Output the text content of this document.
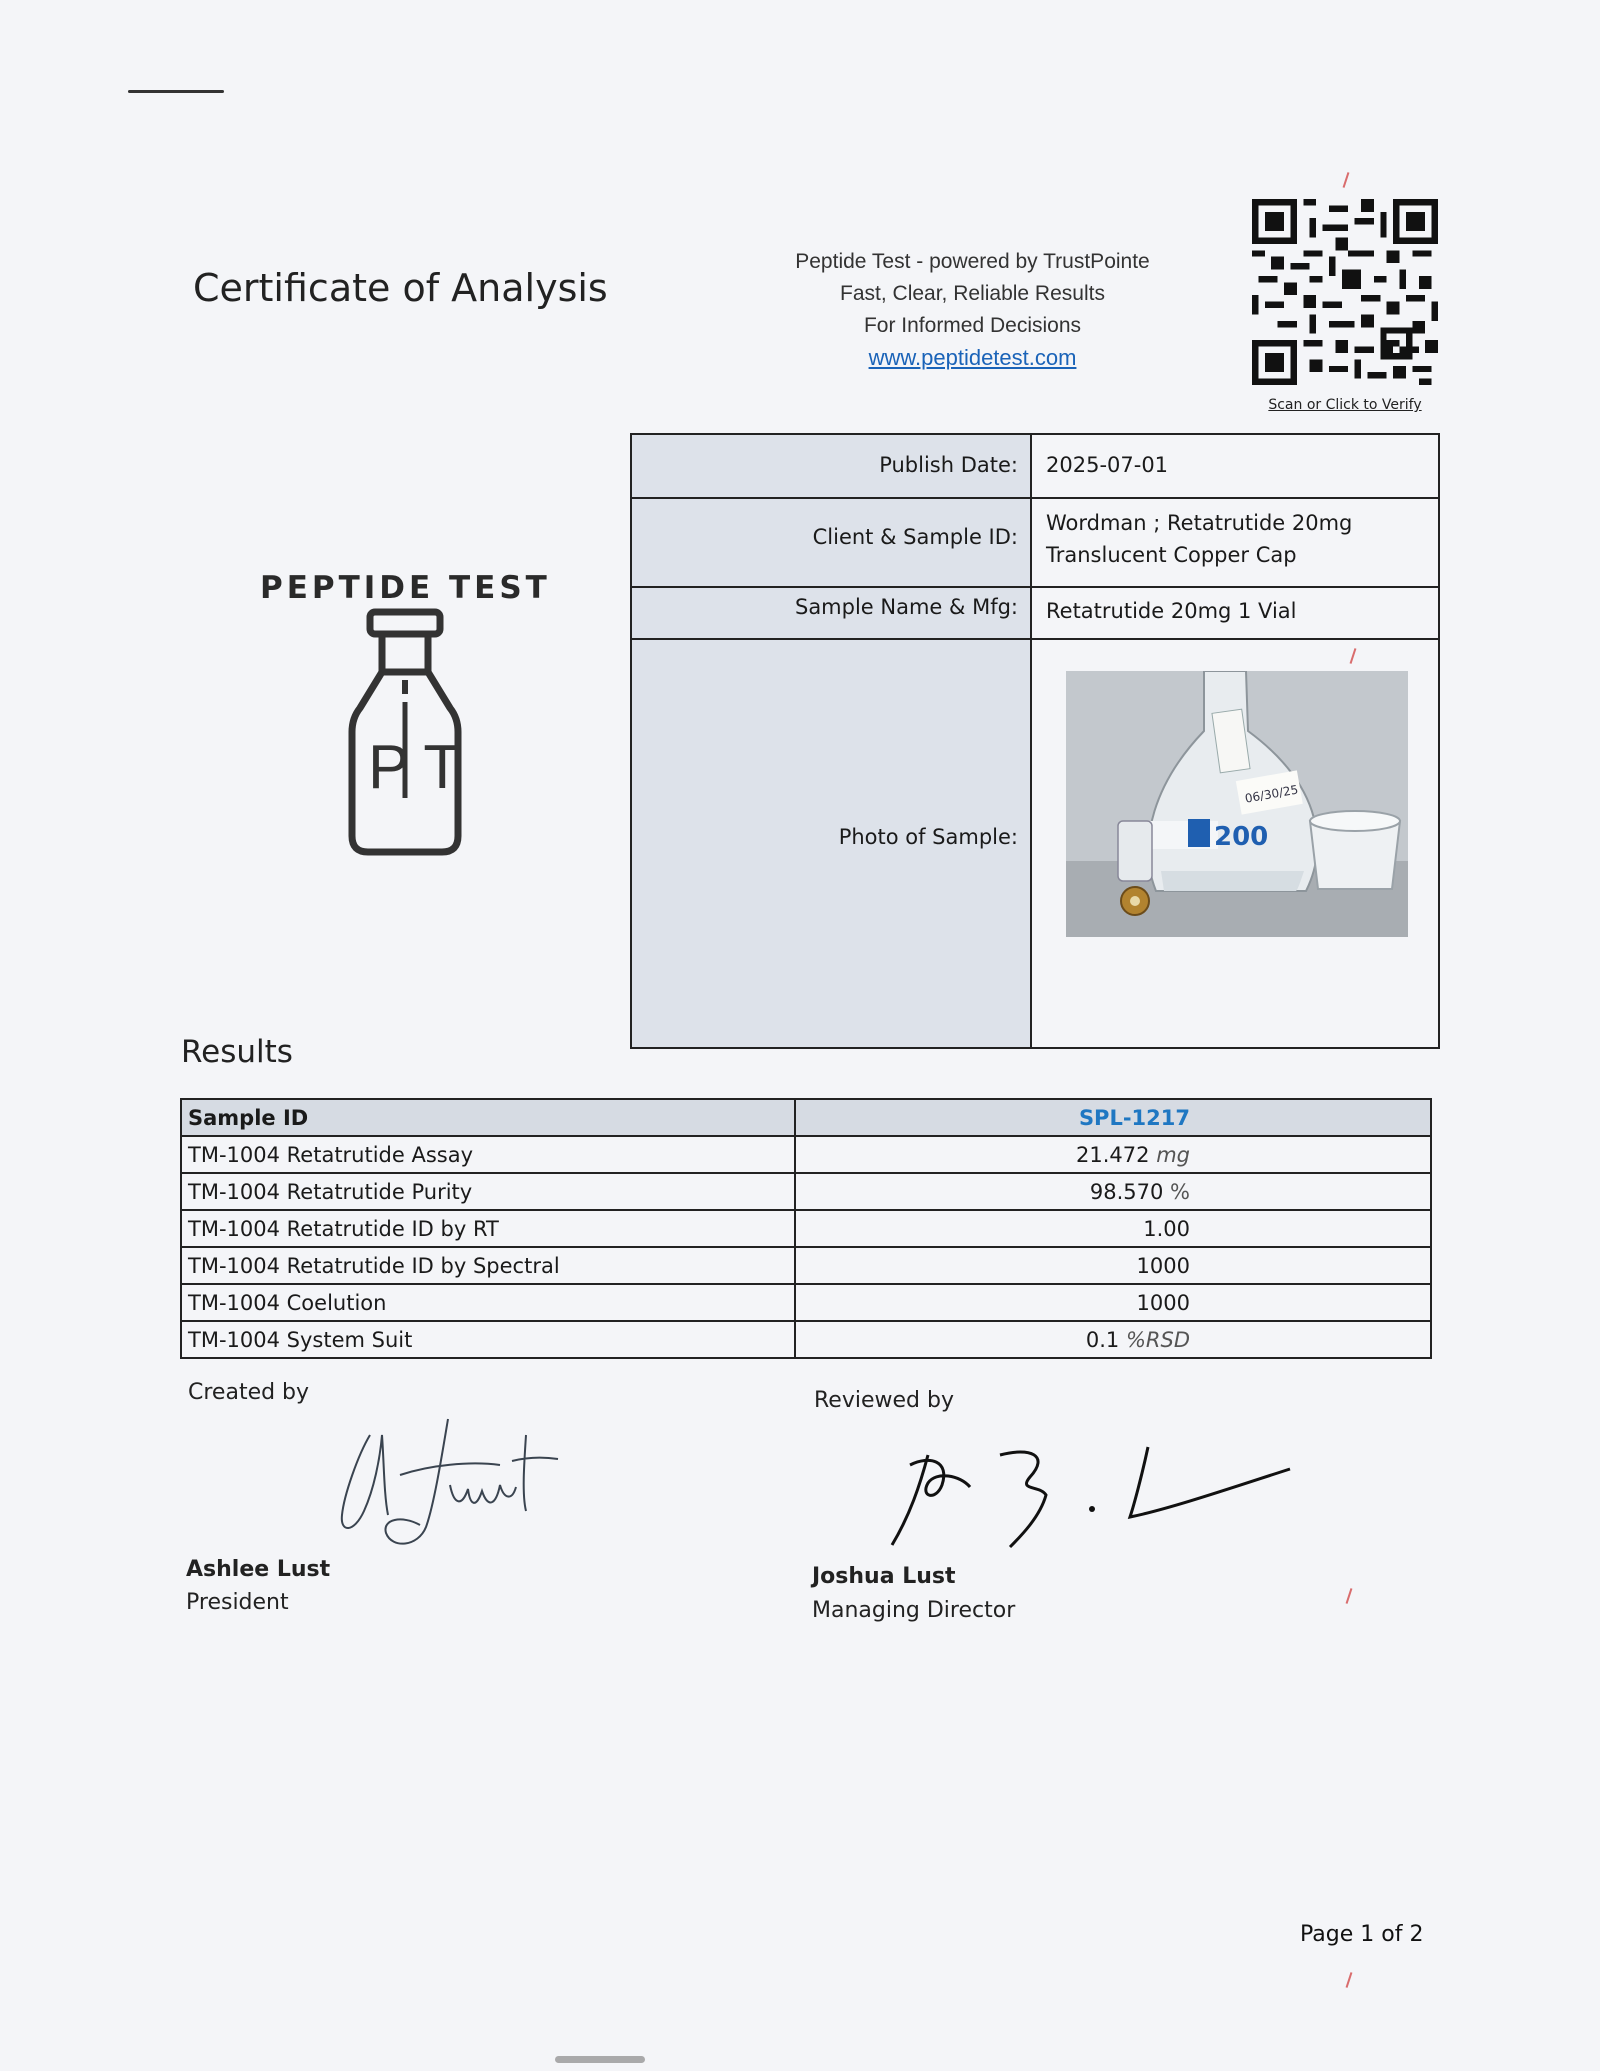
Certificate of Analysis
Peptide Test - powered by TrustPointe
Fast, Clear, Reliable Results
For Informed Decisions
www.peptidetest.com
Scan or Click to Verify
Publish Date: 2025-07-01
Client & Sample ID:
Wordman ; Retatrutide 20mg
Translucent Copper Cap
Sample Name & Mfg: Retatrutide 20mg 1 Vial
Photo of Sample:
06/30/25
200
PEPTIDE TEST
PT
Results
Sample ID	SPL-1217
TM-1004 Retatrutide Assay	21.472 mg
TM-1004 Retatrutide Purity	98.570 %
TM-1004 Retatrutide ID by RT	1.00
TM-1004 Retatrutide ID by Spectral	1000
TM-1004 Coelution	1000
TM-1004 System Suit	0.1 %RSD
Created by
Ashlee Lust
President
Reviewed by
Joshua Lust
Managing Director
Page 1 of 2
